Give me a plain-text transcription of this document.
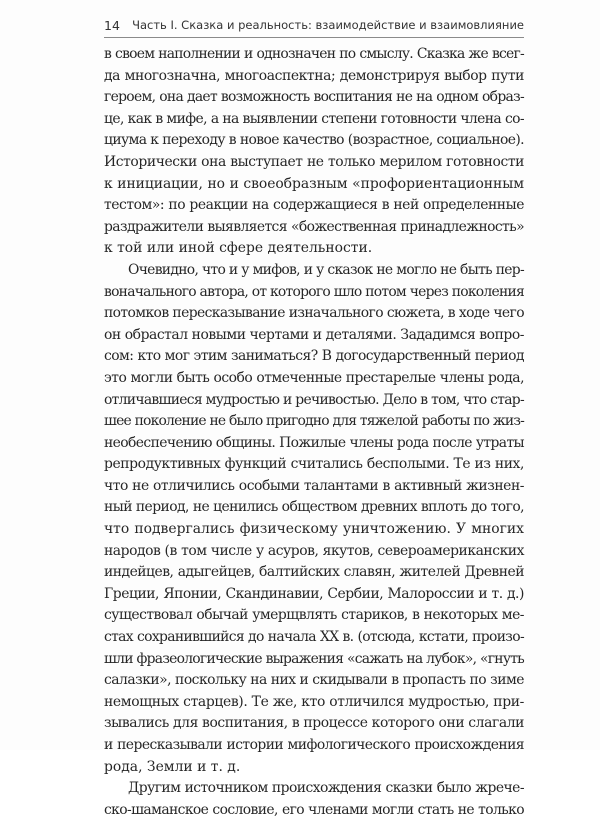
14	Часть I. Сказка и реальность: взаимодействие и взаимовлияние

в своем наполнении и однозначен по смыслу. Сказка же всег-
да многозначна, многоаспектна; демонстрируя выбор пути
героем, она дает возможность воспитания не на одном образ-
це, как в мифе, а на выявлении степени готовности члена со-
циума к переходу в новое качество (возрастное, социальное).
Исторически она выступает не только мерилом готовности
к инициации, но и своеобразным «профориентационным
тестом»: по реакции на содержащиеся в ней определенные
раздражители выявляется «божественная принадлежность»
к той или иной сфере деятельности.

Очевидно, что и у мифов, и у сказок не могло не быть пер-
воначального автора, от которого шло потом через поколения
потомков пересказывание изначального сюжета, в ходе чего
он обрастал новыми чертами и деталями. Зададимся вопро-
сом: кто мог этим заниматься? В догосударственный период
это могли быть особо отмеченные престарелые члены рода,
отличавшиеся мудростью и речивостью. Дело в том, что стар-
шее поколение не было пригодно для тяжелой работы по жиз-
необеспечению общины. Пожилые члены рода после утраты
репродуктивных функций считались бесполыми. Те из них,
что не отличились особыми талантами в активный жизнен-
ный период, не ценились обществом древних вплоть до того,
что подвергались физическому уничтожению. У многих
народов (в том числе у асуров, якутов, североамериканских
индейцев, адыгейцев, балтийских славян, жителей Древней
Греции, Японии, Скандинавии, Сербии, Малороссии и т. д.)
существовал обычай умерщвлять стариков, в некоторых ме-
стах сохранившийся до начала XX в. (отсюда, кстати, произо-
шли фразеологические выражения «сажать на лубок», «гнуть
салазки», поскольку на них и скидывали в пропасть по зиме
немощных старцев). Те же, кто отличился мудростью, при-
зывались для воспитания, в процессе которого они слагали
и пересказывали истории мифологического происхождения
рода, Земли и т. д.

Другим источником происхождения сказки было жрече-
ско-шаманское сословие, его членами могли стать не только
